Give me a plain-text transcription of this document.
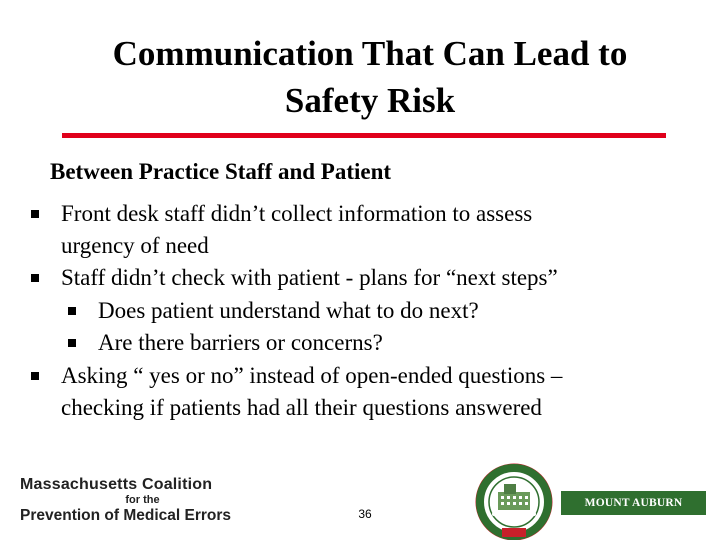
Communication That Can Lead to
Safety Risk
Between Practice Staff and Patient
Front desk staff didn’t collect information to assess
urgency of need
Staff didn’t check with patient - plans for “next steps”
Does patient understand what to do next?
Are there barriers or concerns?
Asking “ yes or no” instead of open-ended questions –
checking if patients had all their questions answered
Massachusetts Coalition
for the
Prevention of Medical Errors	36
MOUNT AUBURN HOSPITAL
